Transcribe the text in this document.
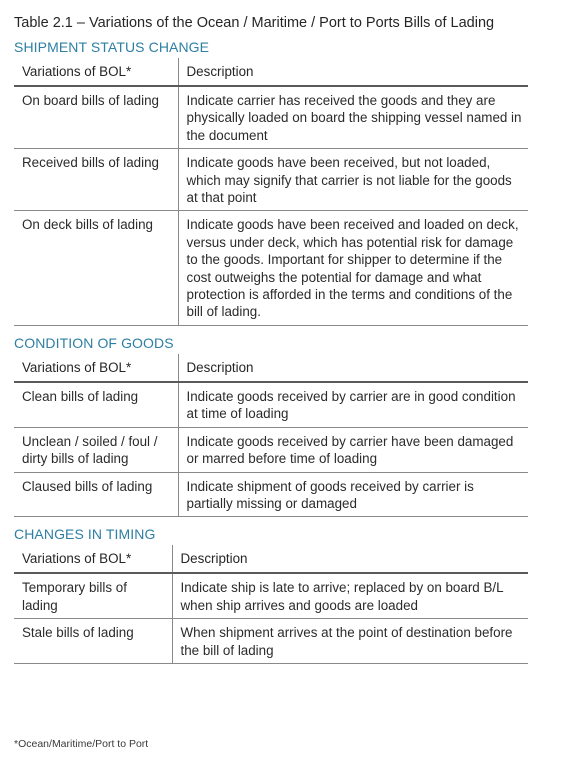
Table 2.1 – Variations of the Ocean / Maritime / Port to Ports Bills of Lading
SHIPMENT STATUS CHANGE
Variations of BOL*	Description
On board bills of lading	Indicate carrier has received the goods and they are physically loaded on board the shipping vessel named in the document
Received bills of lading	Indicate goods have been received, but not loaded, which may signify that carrier is not liable for the goods at that point
On deck bills of lading	Indicate goods have been received and loaded on deck, versus under deck, which has potential risk for damage to the goods. Important for shipper to determine if the cost outweighs the potential for damage and what protection is afforded in the terms and conditions of the bill of lading.
CONDITION OF GOODS
Variations of BOL*	Description
Clean bills of lading	Indicate goods received by carrier are in good condition at time of loading
Unclean / soiled / foul / dirty bills of lading	Indicate goods received by carrier have been damaged or marred before time of loading
Claused bills of lading	Indicate shipment of goods received by carrier is partially missing or damaged
CHANGES IN TIMING
Variations of BOL*	Description
Temporary bills of lading	Indicate ship is late to arrive; replaced by on board B/L when ship arrives and goods are loaded
Stale bills of lading	When shipment arrives at the point of destination before the bill of lading
*Ocean/Maritime/Port to Port
